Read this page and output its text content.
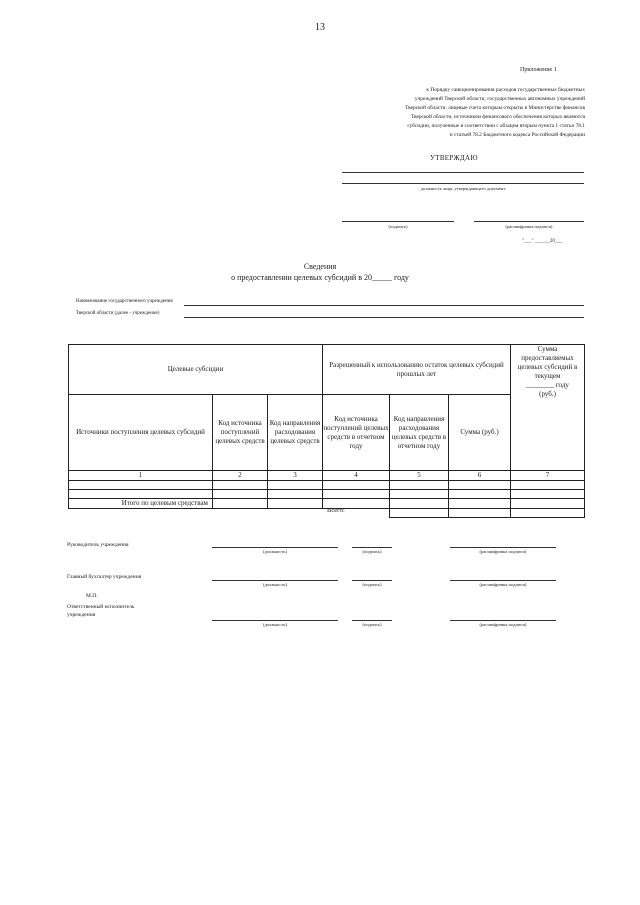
13
Приложение 1
к Порядку санкционирования расходов государственных бюджетных
учреждений Тверской области, государственных автономных учреждений
Тверской области, лицевые счета которым открыты в Министерстве финансов
Тверской области, источником финансового обеспечения которых являются
субсидии, полученные в соответствии с абзацем вторым пункта 1 статьи 78.1
и статьей 78.2 Бюджетного кодекса Российской Федерации
УТВЕРЖДАЮ
должность лица, утверждающего документ
(подпись)	(расшифровка подписи)
"___" ______20___
Сведения
о предоставлении целевых субсидий в 20_____ году
Наименование государственного учреждения
Тверской области (далее - учреждение)
Целевые субсидии			Разрешенный к использованию остаток целевых субсидий прошлых лет			Сумма предоставляемых целевых субсидий в текущем
________ году
(руб.)

Источники поступления целевых субсидий	Код источника поступлений целевых средств	Код направления расходования целевых средств	Код источника поступлений целевых средств в отчетном году	Код направления расходования целевых средств в отчетном году	Сумма (руб.)	
1	2	3	4	5	6	7

Итого по целевым средствам						

Всего:
Руководитель учреждения
(должность)	(подпись)	(расшифровка подписи)
Главный бухгалтер учреждения
(должность)	(подпись)	(расшифровка подписи)
М.П.
Ответственный исполнитель
учреждения
(должность)	(подпись)	(расшифровка подписи)
